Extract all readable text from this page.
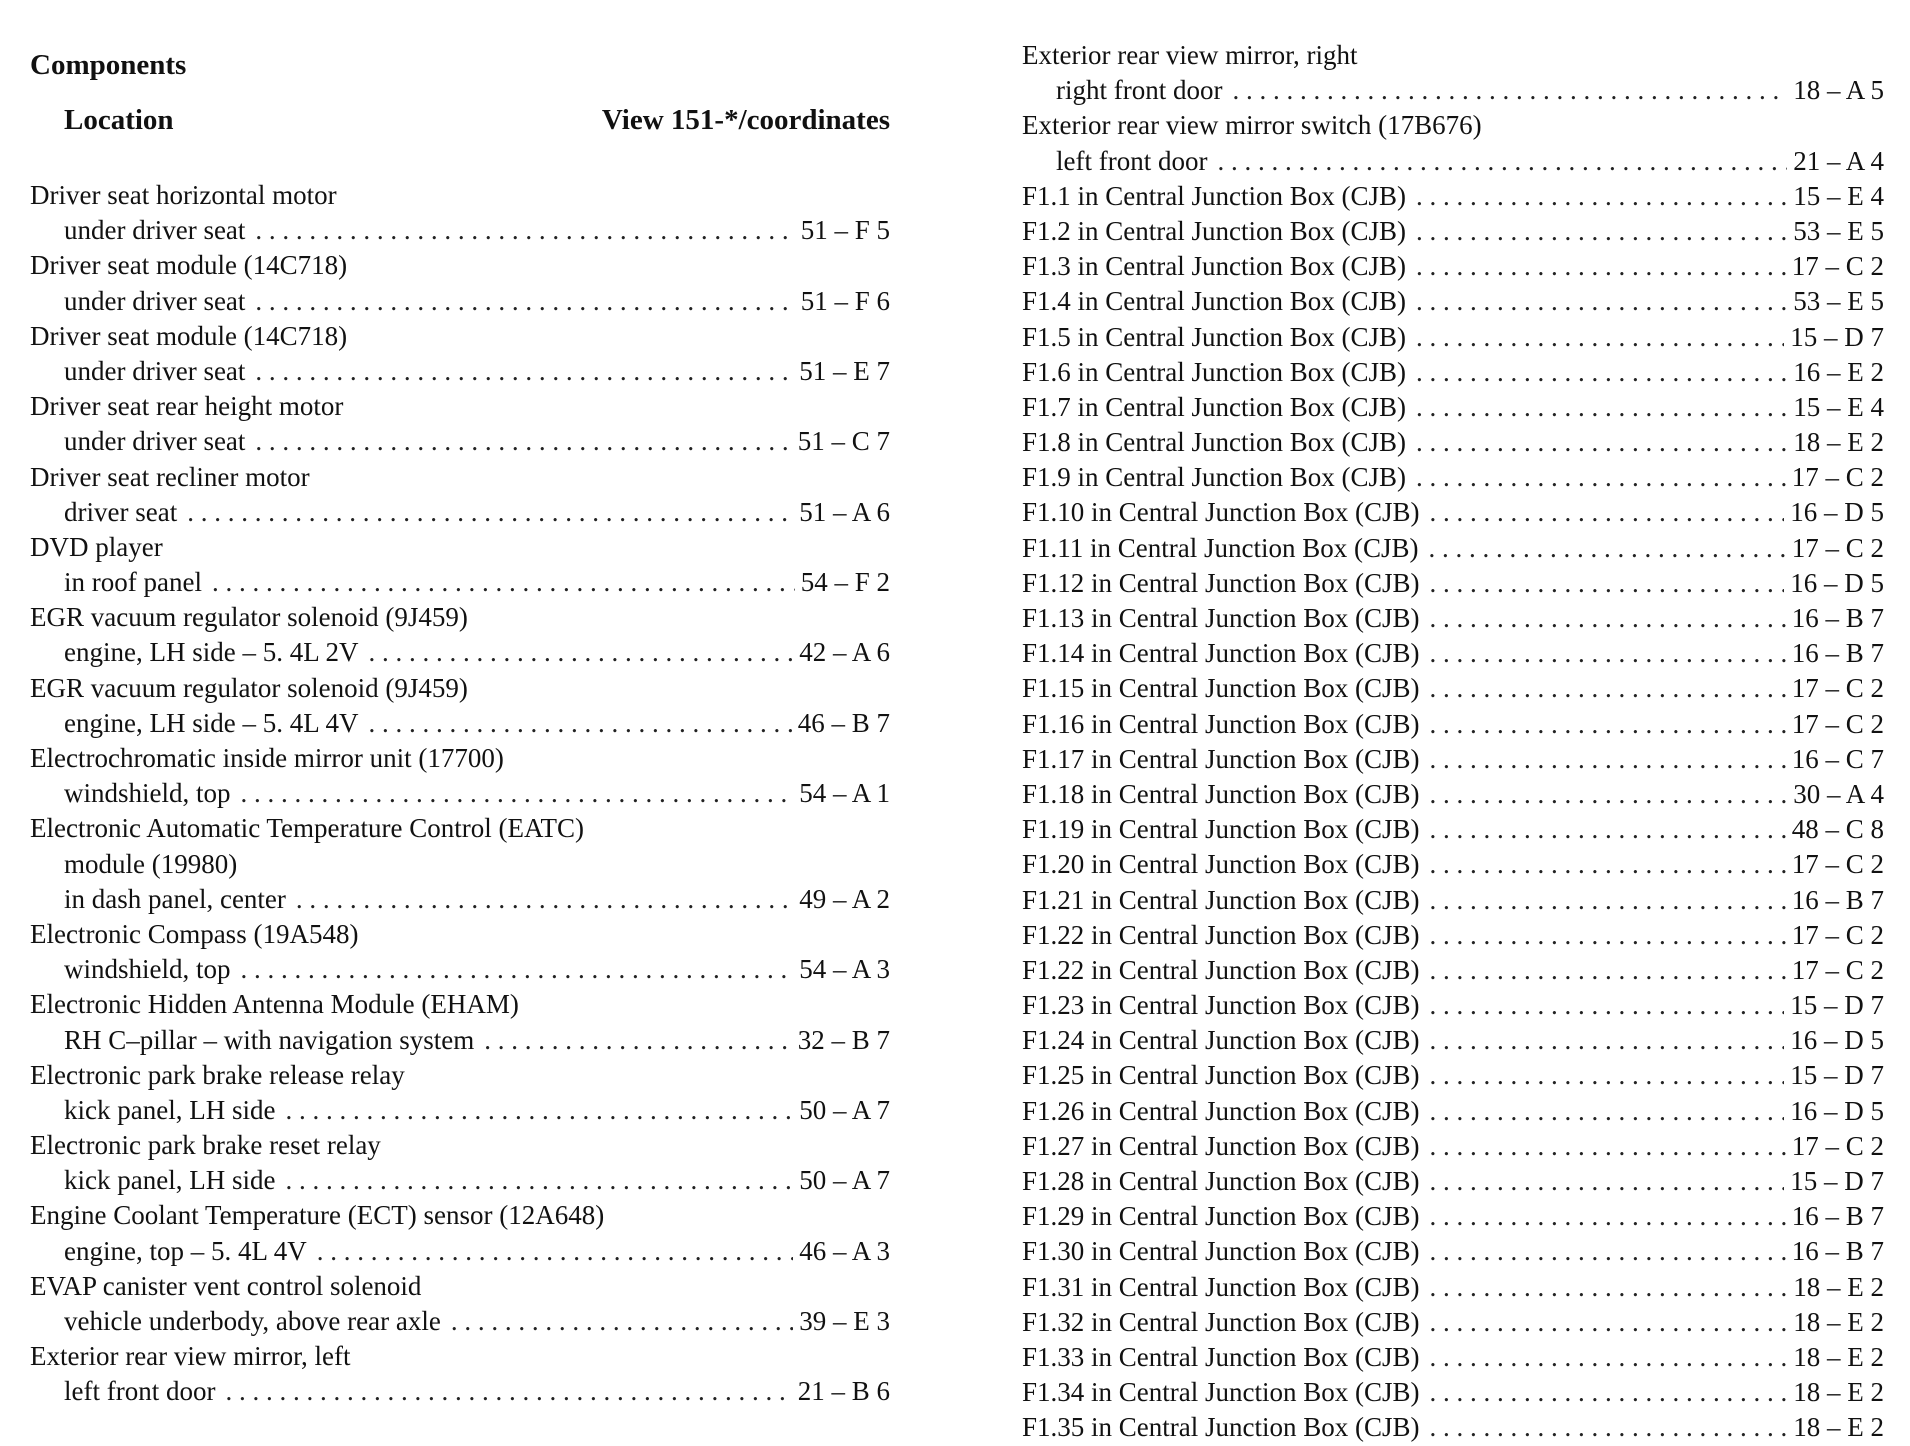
Components
Location	View 151-*/coordinates
Driver seat horizontal motor
under driver seat . . .	51 – F 5
Driver seat module (14C718)
under driver seat . . .	51 – F 6
Driver seat module (14C718)
under driver seat . . .	51 – E 7
Driver seat rear height motor
under driver seat . . .	51 – C 7
Driver seat recliner motor
driver seat . . .	51 – A 6
DVD player
in roof panel . . .	54 – F 2
EGR vacuum regulator solenoid (9J459)
engine, LH side – 5. 4L 2V . . .	42 – A 6
EGR vacuum regulator solenoid (9J459)
engine, LH side – 5. 4L 4V . . .	46 – B 7
Electrochromatic inside mirror unit (17700)
windshield, top . . .	54 – A 1
Electronic Automatic Temperature Control (EATC)
module (19980)
in dash panel, center . . .	49 – A 2
Electronic Compass (19A548)
windshield, top . . .	54 – A 3
Electronic Hidden Antenna Module (EHAM)
RH C–pillar – with navigation system . . .	32 – B 7
Electronic park brake release relay
kick panel, LH side . . .	50 – A 7
Electronic park brake reset relay
kick panel, LH side . . .	50 – A 7
Engine Coolant Temperature (ECT) sensor (12A648)
engine, top – 5. 4L 4V . . .	46 – A 3
EVAP canister vent control solenoid
vehicle underbody, above rear axle . . .	39 – E 3
Exterior rear view mirror, left
left front door . . .	21 – B 6
Exterior rear view mirror, right
right front door . . .	18 – A 5
Exterior rear view mirror switch (17B676)
left front door . . .	21 – A 4
F1.1 in Central Junction Box (CJB) . . .	15 – E 4
F1.2 in Central Junction Box (CJB) . . .	53 – E 5
F1.3 in Central Junction Box (CJB) . . .	17 – C 2
F1.4 in Central Junction Box (CJB) . . .	53 – E 5
F1.5 in Central Junction Box (CJB) . . .	15 – D 7
F1.6 in Central Junction Box (CJB) . . .	16 – E 2
F1.7 in Central Junction Box (CJB) . . .	15 – E 4
F1.8 in Central Junction Box (CJB) . . .	18 – E 2
F1.9 in Central Junction Box (CJB) . . .	17 – C 2
F1.10 in Central Junction Box (CJB) . . .	16 – D 5
F1.11 in Central Junction Box (CJB) . . .	17 – C 2
F1.12 in Central Junction Box (CJB) . . .	16 – D 5
F1.13 in Central Junction Box (CJB) . . .	16 – B 7
F1.14 in Central Junction Box (CJB) . . .	16 – B 7
F1.15 in Central Junction Box (CJB) . . .	17 – C 2
F1.16 in Central Junction Box (CJB) . . .	17 – C 2
F1.17 in Central Junction Box (CJB) . . .	16 – C 7
F1.18 in Central Junction Box (CJB) . . .	30 – A 4
F1.19 in Central Junction Box (CJB) . . .	48 – C 8
F1.20 in Central Junction Box (CJB) . . .	17 – C 2
F1.21 in Central Junction Box (CJB) . . .	16 – B 7
F1.22 in Central Junction Box (CJB) . . .	17 – C 2
F1.22 in Central Junction Box (CJB) . . .	17 – C 2
F1.23 in Central Junction Box (CJB) . . .	15 – D 7
F1.24 in Central Junction Box (CJB) . . .	16 – D 5
F1.25 in Central Junction Box (CJB) . . .	15 – D 7
F1.26 in Central Junction Box (CJB) . . .	16 – D 5
F1.27 in Central Junction Box (CJB) . . .	17 – C 2
F1.28 in Central Junction Box (CJB) . . .	15 – D 7
F1.29 in Central Junction Box (CJB) . . .	16 – B 7
F1.30 in Central Junction Box (CJB) . . .	16 – B 7
F1.31 in Central Junction Box (CJB) . . .	18 – E 2
F1.32 in Central Junction Box (CJB) . . .	18 – E 2
F1.33 in Central Junction Box (CJB) . . .	18 – E 2
F1.34 in Central Junction Box (CJB) . . .	18 – E 2
F1.35 in Central Junction Box (CJB) . . .	18 – E 2
